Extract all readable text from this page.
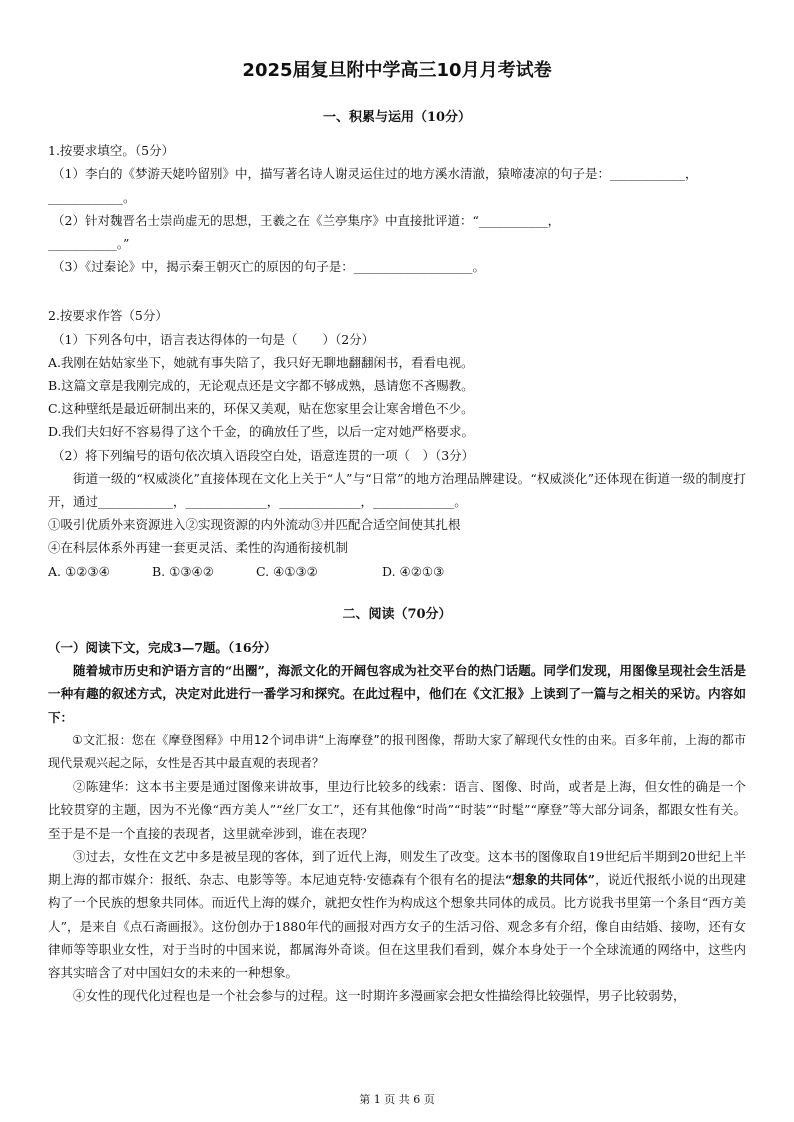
2025届复旦附中学高三10月月考试卷
一、积累与运用（10分）
1.按要求填空。（5分）
（1）李白的《梦游天姥吟留别》中，描写著名诗人谢灵运住过的地方溪水清澈，猿啼凄凉的句子是：____________，
____________。
（2）针对魏晋名士崇尚虚无的思想，王羲之在《兰亭集序》中直接批评道：“___________，
___________。”
（3）《过秦论》中，揭示秦王朝灭亡的原因的句子是：___________________。
2.按要求作答（5分）
（1）下列各句中，语言表达得体的一句是（　　）（2分）
A.我刚在姑姑家坐下，她就有事失陪了，我只好无聊地翻翻闲书，看看电视。
B.这篇文章是我刚完成的，无论观点还是文字都不够成熟，恳请您不吝赐教。
C.这种壁纸是最近研制出来的，环保又美观，贴在您家里会让寒舍增色不少。
D.我们夫妇好不容易得了这个千金，的确放任了些，以后一定对她严格要求。
（2）将下列编号的语句依次填入语段空白处，语意连贯的一项（　）（3分）
街道一级的“权威淡化”直接体现在文化上关于“人”与“日常”的地方治理品牌建设。“权威淡化”还体现在街道一级的制度打开，通过____________，_____________，_____________，_____________。
①吸引优质外来资源进入②实现资源的内外流动③并匹配合适空间使其扎根
④在科层体系外再建一套更灵活、柔性的沟通衔接机制
A. ①②③④	B. ①③④②	C. ④①③②	D. ④②①③
二、阅读（70分）
（一）阅读下文，完成3—7题。（16分）
随着城市历史和沪语方言的“出圈”，海派文化的开阔包容成为社交平台的热门话题。同学们发现，用图像呈现社会生活是一种有趣的叙述方式，决定对此进行一番学习和探究。在此过程中，他们在《文汇报》上读到了一篇与之相关的采访。内容如下：
①文汇报：您在《摩登图释》中用12个词串讲“上海摩登”的报刊图像，帮助大家了解现代女性的由来。百多年前，上海的都市现代景观兴起之际，女性是否其中最直观的表现者？
②陈建华：这本书主要是通过图像来讲故事，里边行比较多的线索：语言、图像、时尚，或者是上海，但女性的确是一个比较贯穿的主题，因为不光像“西方美人”“丝厂女工”，还有其他像“时尚”“时装”“时髦”“摩登”等大部分词条，都跟女性有关。至于是不是一个直接的表现者，这里就牵涉到，谁在表现？
③过去，女性在文艺中多是被呈现的客体，到了近代上海，则发生了改变。这本书的图像取自19世纪后半期到20世纪上半期上海的都市媒介：报纸、杂志、电影等等。本尼迪克特·安德森有个很有名的提法“想象的共同体”，说近代报纸小说的出现建构了一个民族的想象共同体。而近代上海的媒介，就把女性作为构成这个想象共同体的成员。比方说我书里第一个条目“西方美人”，是来自《点石斋画报》。这份创办于1880年代的画报对西方女子的生活习俗、观念多有介绍，像自由结婚、接吻，还有女律师等等职业女性，对于当时的中国来说，都属海外奇谈。但在这里我们看到，媒介本身处于一个全球流通的网络中，这些内容其实暗含了对中国妇女的未来的一种想象。
④女性的现代化过程也是一个社会参与的过程。这一时期许多漫画家会把女性描绘得比较强悍，男子比较弱势，
第 1 页 共 6 页
